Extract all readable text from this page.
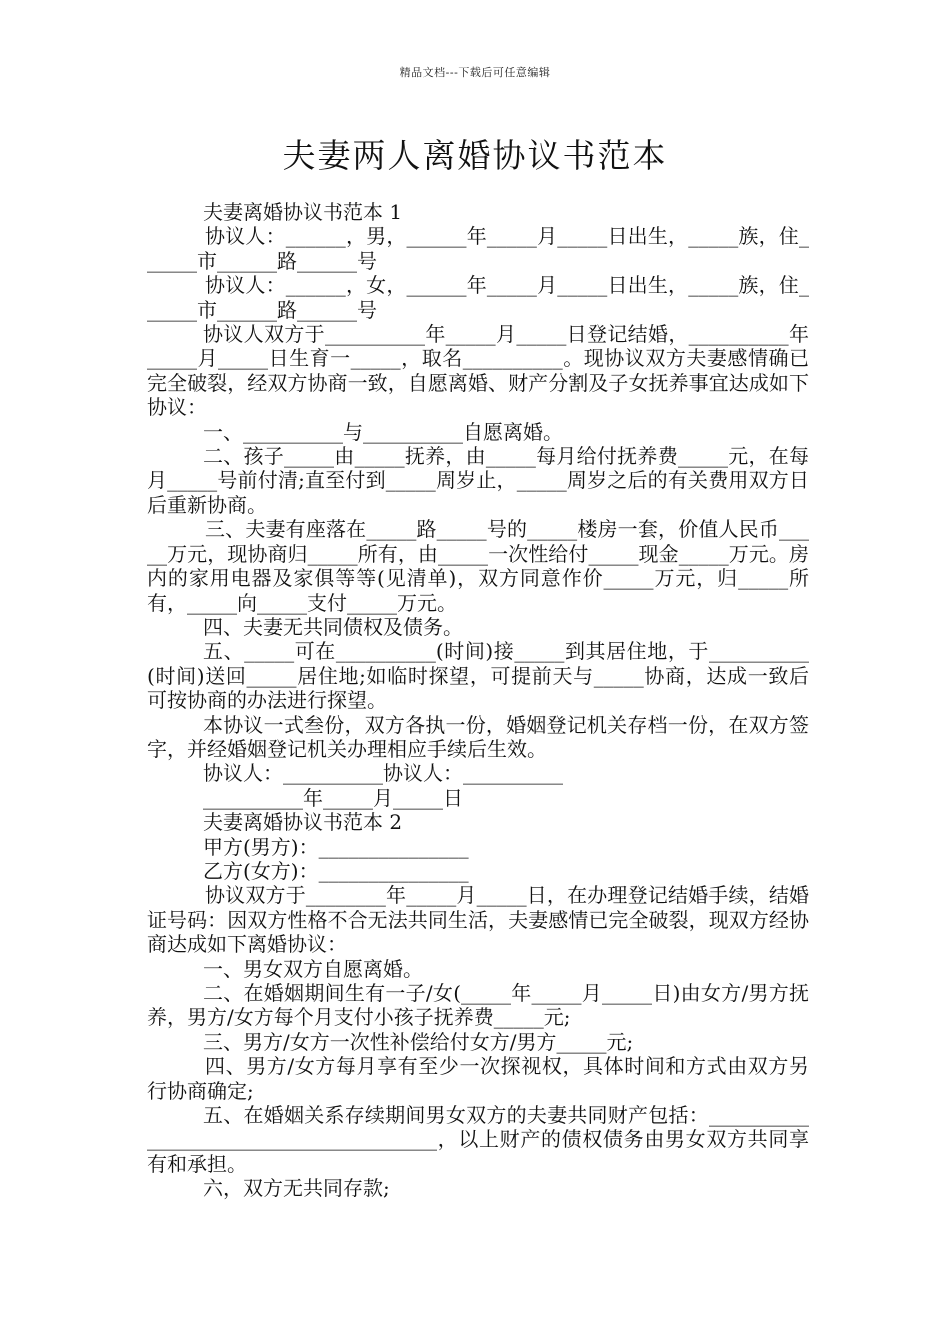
精品文档---下载后可任意编辑
夫妻两人离婚协议书范本

夫妻离婚协议书范本 1

协议人：______，男，______年_____月_____日出生，_____族，住______市______路______号

协议人：______，女，______年_____月_____日出生，_____族，住______市______路______号

协议人双方于__________年_____月_____日登记结婚，__________年_____月_____日生育一_____，取名__________。现协议双方夫妻感情确已完全破裂，经双方协商一致，自愿离婚、财产分割及子女抚养事宜达成如下协议：

一、__________与__________自愿离婚。

二、孩子_____由_____抚养，由_____每月给付抚养费_____元，在每月_____号前付清;直至付到_____周岁止，_____周岁之后的有关费用双方日后重新协商。

三、夫妻有座落在_____路_____号的_____楼房一套，价值人民币_____万元，现协商归_____所有，由_____一次性给付_____现金_____万元。房内的家用电器及家俱等等(见清单)，双方同意作价_____万元，归_____所有，_____向_____支付_____万元。

四、夫妻无共同债权及债务。

五、_____可在__________(时间)接_____到其居住地，于__________(时间)送回_____居住地;如临时探望，可提前天与_____协商，达成一致后可按协商的办法进行探望。

本协议一式叁份，双方各执一份，婚姻登记机关存档一份，在双方签字，并经婚姻登记机关办理相应手续后生效。

协议人：__________协议人：__________

__________年_____月_____日

夫妻离婚协议书范本 2

甲方(男方)：_______________

乙方(女方)：_______________

协议双方于________年_____月_____日，在办理登记结婚手续，结婚证号码：因双方性格不合无法共同生活，夫妻感情已完全破裂，现双方经协商达成如下离婚协议：

一、男女双方自愿离婚。

二、在婚姻期间生有一子/女(_____年_____月_____日)由女方/男方抚养，男方/女方每个月支付小孩子抚养费_____元;

三、男方/女方一次性补偿给付女方/男方_____元;

四、男方/女方每月享有至少一次探视权，具体时间和方式由双方另行协商确定;

五、在婚姻关系存续期间男女双方的夫妻共同财产包括：_______________________________________，以上财产的债权债务由男女双方共同享有和承担。

六，双方无共同存款;
